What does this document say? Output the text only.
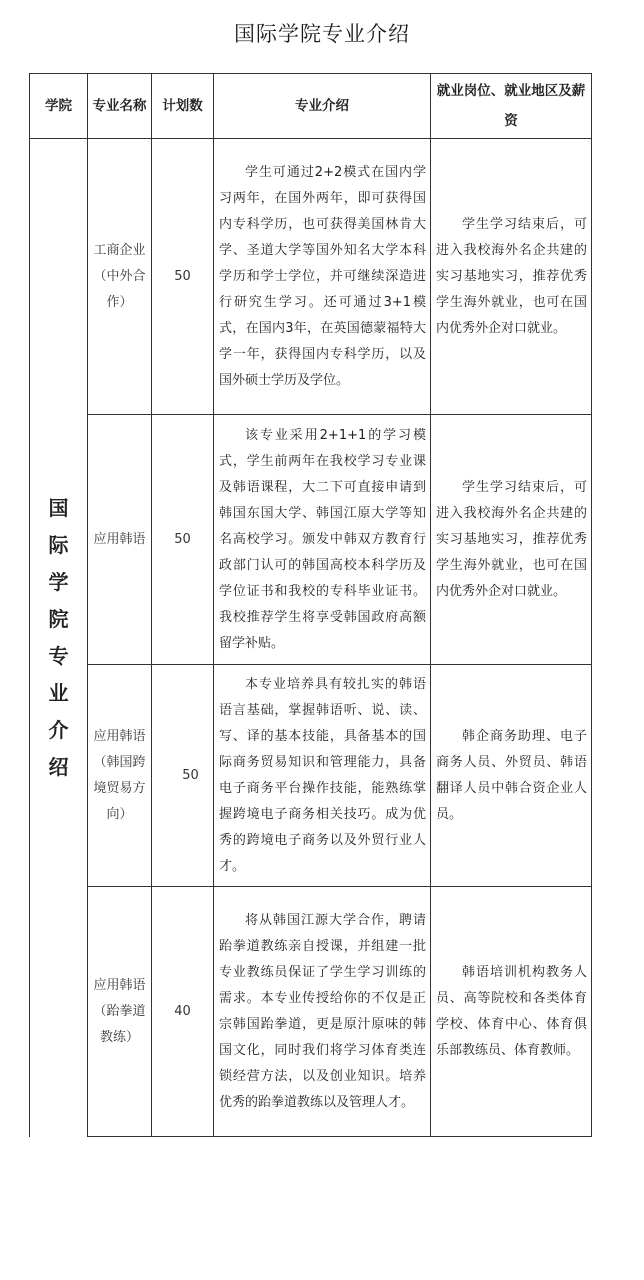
国际学院专业介绍
学院	专业名称	计划数	专业介绍	就业岗位、就业地区及薪资

国际学院专业介绍	工商企业（中外合作）	50	学生可通过2+2模式在国内学习两年，在国外两年，即可获得国内专科学历，也可获得美国林肯大学、圣道大学等国外知名大学本科学历和学士学位，并可继续深造进行研究生学习。还可通过3+1模式，在国内3年，在英国德蒙福特大学一年，获得国内专科学历，以及国外硕士学历及学位。	学生学习结束后，可进入我校海外名企共建的实习基地实习，推荐优秀学生海外就业，也可在国内优秀外企对口就业。

	应用韩语	50	该专业采用2+1+1的学习模式，学生前两年在我校学习专业课及韩语课程，大二下可直接申请到韩国东国大学、韩国江原大学等知名高校学习。颁发中韩双方教育行政部门认可的韩国高校本科学历及学位证书和我校的专科毕业证书。我校推荐学生将享受韩国政府高额留学补贴。	学生学习结束后，可进入我校海外名企共建的实习基地实习，推荐优秀学生海外就业，也可在国内优秀外企对口就业。

	应用韩语（韩国跨境贸易方向）	50	本专业培养具有较扎实的韩语语言基础，掌握韩语听、说、读、写、译的基本技能，具备基本的国际商务贸易知识和管理能力，具备电子商务平台操作技能，能熟练掌握跨境电子商务相关技巧。成为优秀的跨境电子商务以及外贸行业人才。	韩企商务助理、电子商务人员、外贸员、韩语翻译人员中韩合资企业人员。

	应用韩语（跆拳道教练）	40	将从韩国江源大学合作，聘请跆拳道教练亲自授课，并组建一批专业教练员保证了学生学习训练的需求。本专业传授给你的不仅是正宗韩国跆拳道，更是原汁原味的韩国文化，同时我们将学习体育类连锁经营方法，以及创业知识。培养优秀的跆拳道教练以及管理人才。	韩语培训机构教务人员、高等院校和各类体育学校、体育中心、体育俱乐部教练员、体育教师。
